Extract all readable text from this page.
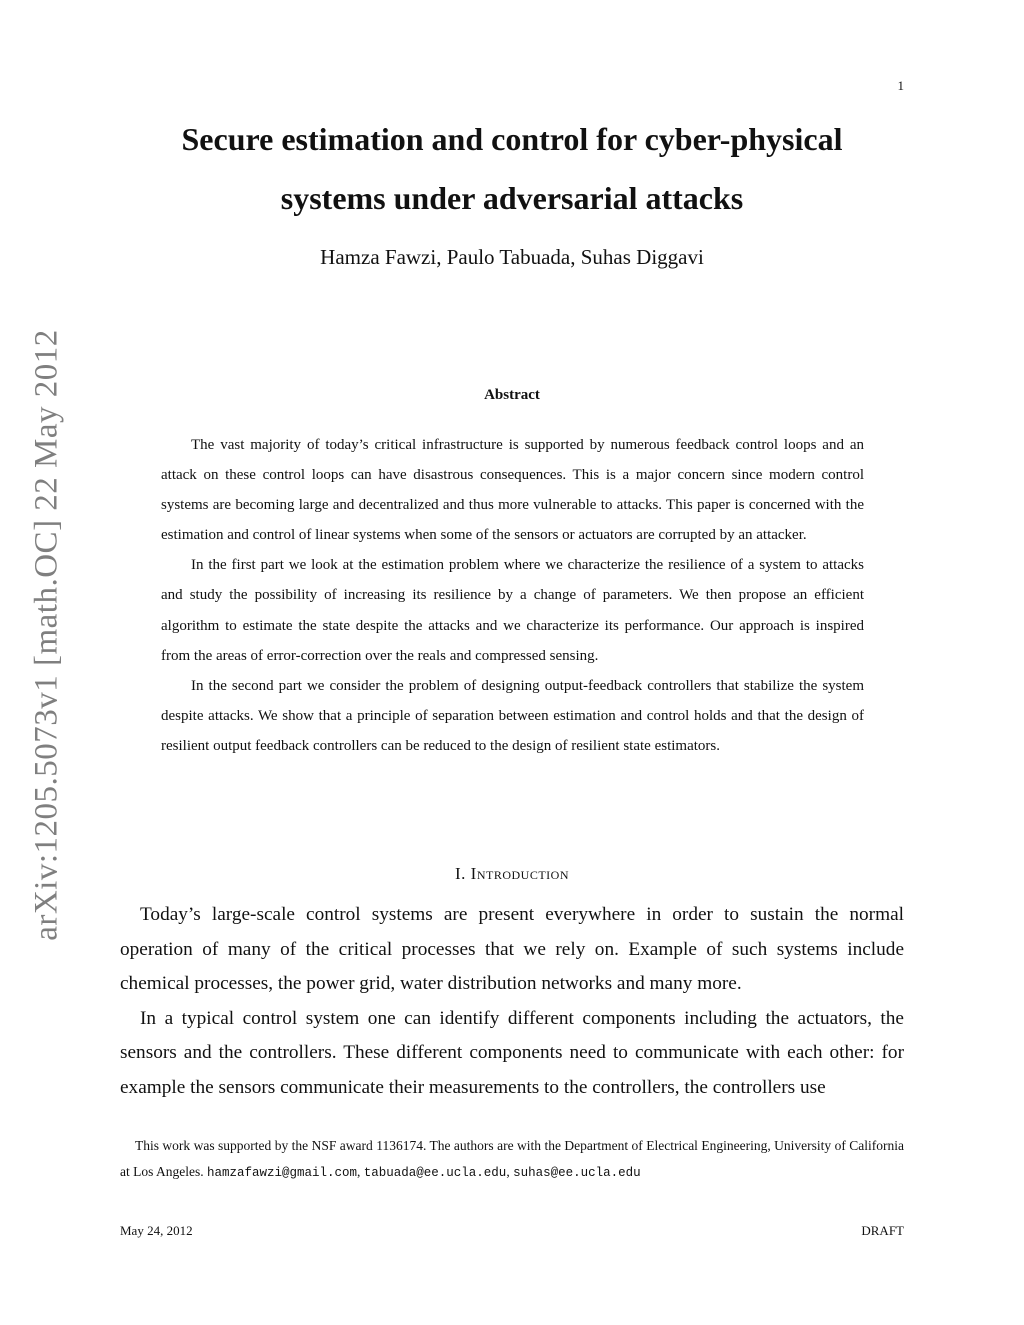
1
arXiv:1205.5073v1 [math.OC] 22 May 2012
Secure estimation and control for cyber-physical
systems under adversarial attacks
Hamza Fawzi, Paulo Tabuada, Suhas Diggavi
Abstract

The vast majority of today’s critical infrastructure is supported by numerous feedback control loops and an attack on these control loops can have disastrous consequences. This is a major concern since modern control systems are becoming large and decentralized and thus more vulnerable to attacks. This paper is concerned with the estimation and control of linear systems when some of the sensors or actuators are corrupted by an attacker.

In the first part we look at the estimation problem where we characterize the resilience of a system to attacks and study the possibility of increasing its resilience by a change of parameters. We then propose an efficient algorithm to estimate the state despite the attacks and we characterize its performance. Our approach is inspired from the areas of error-correction over the reals and compressed sensing.

In the second part we consider the problem of designing output-feedback controllers that stabilize the system despite attacks. We show that a principle of separation between estimation and control holds and that the design of resilient output feedback controllers can be reduced to the design of resilient state estimators.

I. Introduction

Today’s large-scale control systems are present everywhere in order to sustain the normal operation of many of the critical processes that we rely on. Example of such systems include chemical processes, the power grid, water distribution networks and many more.

In a typical control system one can identify different components including the actuators, the sensors and the controllers. These different components need to communicate with each other: for example the sensors communicate their measurements to the controllers, the controllers use

This work was supported by the NSF award 1136174. The authors are with the Department of Electrical Engineering, University of California at Los Angeles. hamzafawzi@gmail.com, tabuada@ee.ucla.edu, suhas@ee.ucla.edu

May 24, 2012	DRAFT
